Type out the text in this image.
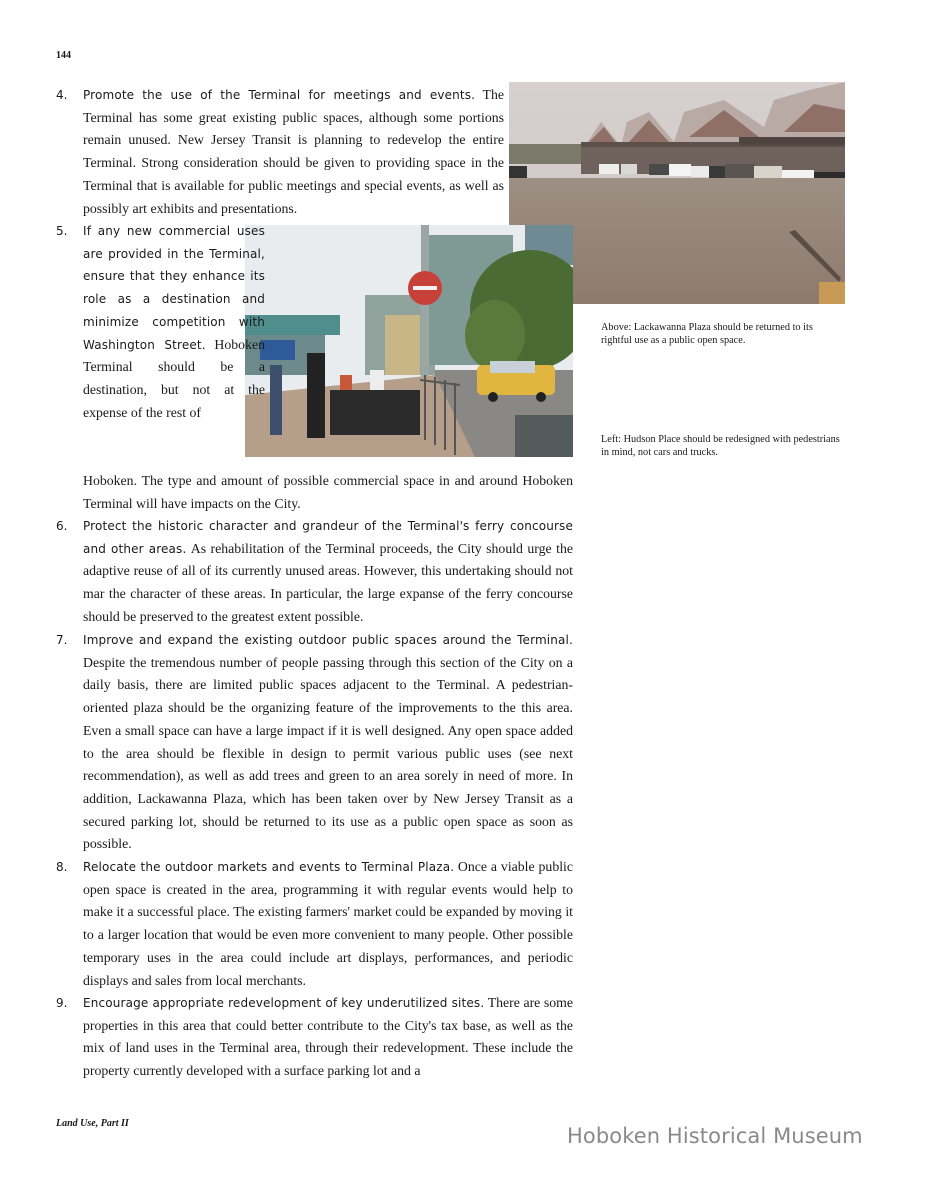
144
4.	Promote the use of the Terminal for meetings and events. The Terminal has some great existing public spaces, although some portions remain unused. New Jersey Transit is planning to redevelop the entire Terminal. Strong consideration should be given to providing space in the Terminal that is available for public meetings and special events, as well as possibly art exhibits and presentations.
5.	If any new commercial uses are provided in the Terminal, ensure that they enhance its role as a destination and minimize competition with Washington Street. Hoboken Terminal should be a destination, but not at the expense of the rest of
Hoboken. The type and amount of possible commercial space in and around Hoboken Terminal will have impacts on the City.
6.	Protect the historic character and grandeur of the Terminal's ferry concourse and other areas. As rehabilitation of the Terminal proceeds, the City should urge the adaptive reuse of all of its currently unused areas. However, this undertaking should not mar the character of these areas. In particular, the large expanse of the ferry concourse should be preserved to the greatest extent possible.
7.	Improve and expand the existing outdoor public spaces around the Terminal. Despite the tremendous number of people passing through this section of the City on a daily basis, there are limited public spaces adjacent to the Terminal. A pedestrian-oriented plaza should be the organizing feature of the improvements to the this area. Even a small space can have a large impact if it is well designed. Any open space added to the area should be flexible in design to permit various public uses (see next recommendation), as well as add trees and green to an area sorely in need of more. In addition, Lackawanna Plaza, which has been taken over by New Jersey Transit as a secured parking lot, should be returned to its use as a public open space as soon as possible.
8.	Relocate the outdoor markets and events to Terminal Plaza. Once a viable public open space is created in the area, programming it with regular events would help to make it a successful place. The existing farmers' market could be expanded by moving it to a larger location that would be even more convenient to many people. Other possible temporary uses in the area could include art displays, performances, and periodic displays and sales from local merchants.
9.	Encourage appropriate redevelopment of key underutilized sites. There are some properties in this area that could better contribute to the City's tax base, as well as the mix of land uses in the Terminal area, through their redevelopment. These include the property currently developed with a surface parking lot and a
Above: Lackawanna Plaza should be returned to its rightful use as a public open space.
Left: Hudson Place should be redesigned with pedestrians in mind, not cars and trucks.
Land Use, Part II
Hoboken Historical Museum
